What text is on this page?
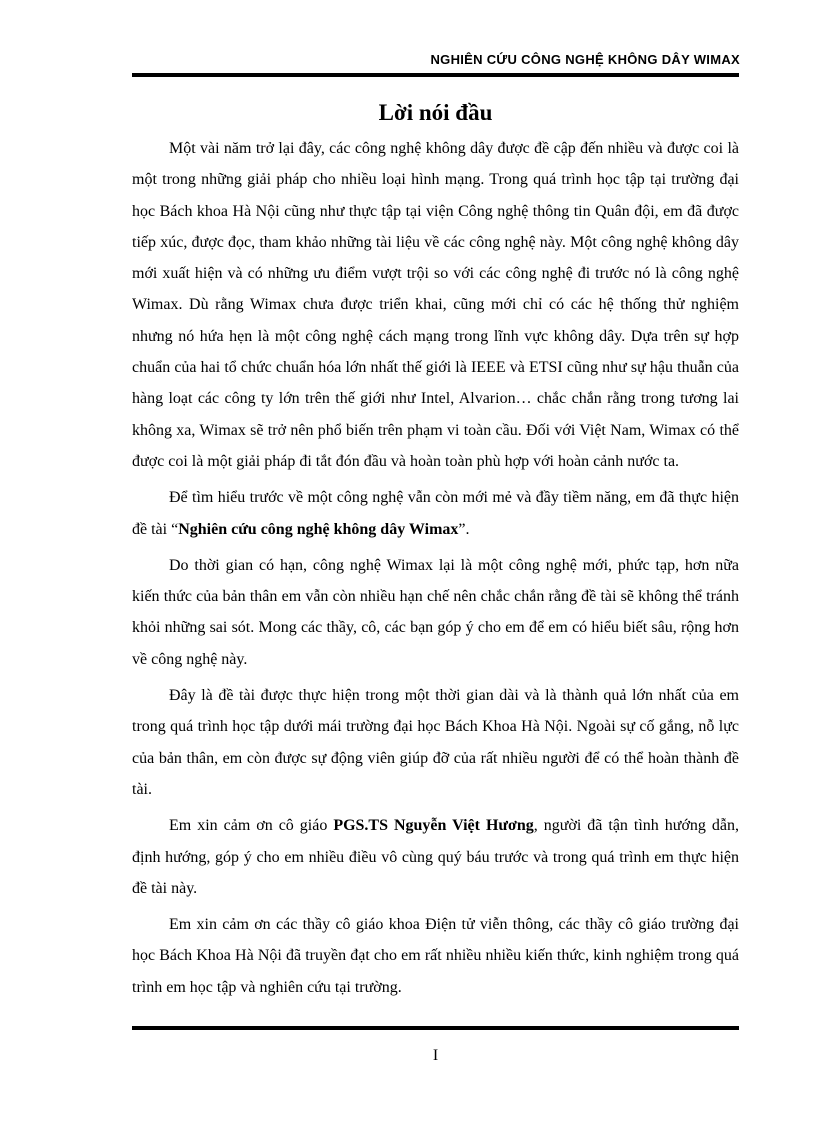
NGHIÊN CỨU CÔNG NGHỆ KHÔNG DÂY WIMAX
Lời nói đầu

Một vài năm trở lại đây, các công nghệ không dây được đề cập đến nhiều và được coi là một trong những giải pháp cho nhiều loại hình mạng. Trong quá trình học tập tại trường đại học Bách khoa Hà Nội cũng như thực tập tại viện Công nghệ thông tin Quân đội, em đã được tiếp xúc, được đọc, tham khảo những tài liệu về các công nghệ này. Một công nghệ không dây mới xuất hiện và có những ưu điểm vượt trội so với các công nghệ đi trước nó là công nghệ Wimax. Dù rằng Wimax chưa được triển khai, cũng mới chỉ có các hệ thống thử nghiệm nhưng nó hứa hẹn là một công nghệ cách mạng trong lĩnh vực không dây. Dựa trên sự hợp chuẩn của hai tổ chức chuẩn hóa lớn nhất thế giới là IEEE và ETSI cũng như sự hậu thuẫn của hàng loạt các công ty lớn trên thế giới như Intel, Alvarion… chắc chắn rằng trong tương lai không xa, Wimax sẽ trở nên phổ biến trên phạm vi toàn cầu. Đối với Việt Nam, Wimax có thể được coi là một giải pháp đi tắt đón đầu và hoàn toàn phù hợp với hoàn cảnh nước ta.

Để tìm hiểu trước về một công nghệ vẫn còn mới mẻ và đầy tiềm năng, em đã thực hiện đề tài “Nghiên cứu công nghệ không dây Wimax”.

Do thời gian có hạn, công nghệ Wimax lại là một công nghệ mới, phức tạp, hơn nữa kiến thức của bản thân em vẫn còn nhiều hạn chế nên chắc chắn rằng đề tài sẽ không thể tránh khỏi những sai sót. Mong các thầy, cô, các bạn góp ý cho em để em có hiểu biết sâu, rộng hơn về công nghệ này.

Đây là đề tài được thực hiện trong một thời gian dài và là thành quả lớn nhất của em trong quá trình học tập dưới mái trường đại học Bách Khoa Hà Nội. Ngoài sự cố gắng, nỗ lực của bản thân, em còn được sự động viên giúp đỡ của rất nhiều người để có thể hoàn thành đề tài.

Em xin cảm ơn cô giáo PGS.TS Nguyễn Việt Hương, người đã tận tình hướng dẫn, định hướng, góp ý cho em nhiều điều vô cùng quý báu trước và trong quá trình em thực hiện đề tài này.

Em xin cảm ơn các thầy cô giáo khoa Điện tử viễn thông, các thầy cô giáo trường đại học Bách Khoa Hà Nội đã truyền đạt cho em rất nhiều nhiều kiến thức, kinh nghiệm trong quá trình em học tập và nghiên cứu tại trường.

I
